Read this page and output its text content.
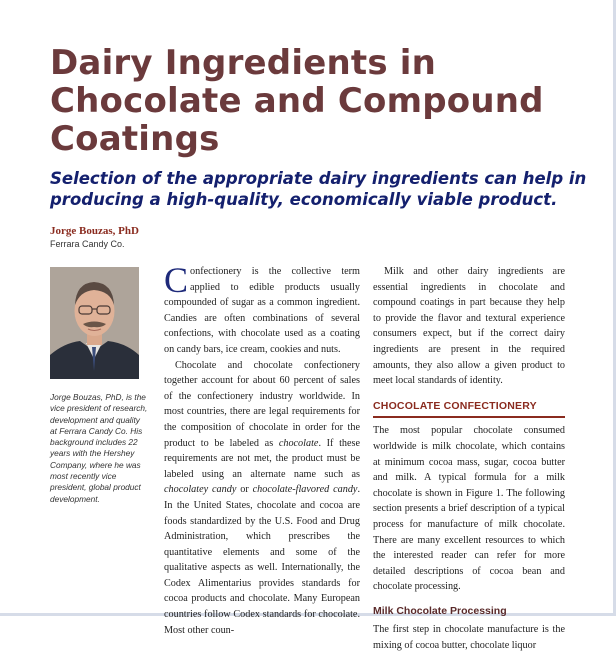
Dairy Ingredients in Chocolate and Compound Coatings
Selection of the appropriate dairy ingredients can help in producing a high-quality, economically viable product.
Jorge Bouzas, PhD
Ferrara Candy Co.
Jorge Bouzas, PhD, is the vice president of research, development and quality at Ferrara Candy Co. His background includes 22 years with the Hershey Company, where he was most recently vice president, global product development.

Confectionery is the collective term applied to edible products usually compounded of sugar as a common ingredient. Candies are often combinations of several confections, with chocolate used as a coating on candy bars, ice cream, cookies and nuts.

Chocolate and chocolate confectionery together account for about 60 percent of sales of the confectionery industry worldwide. In most countries, there are legal requirements for the composition of chocolate in order for the product to be labeled as chocolate. If these requirements are not met, the product must be labeled using an alternate name such as chocolatey candy or chocolate-flavored candy. In the United States, chocolate and cocoa are foods standardized by the U.S. Food and Drug Administration, which prescribes the quantitative elements and some of the qualitative aspects as well. Internationally, the Codex Alimentarius provides standards for cocoa products and chocolate. Many European countries follow Codex standards for chocolate. Most other coun-

Milk and other dairy ingredients are essential ingredients in chocolate and compound coatings in part because they help to provide the flavor and textural experience consumers expect, but if the correct dairy ingredients are present in the required amounts, they also allow a given product to meet local standards of identity.

CHOCOLATE CONFECTIONERY

The most popular chocolate consumed worldwide is milk chocolate, which contains at minimum cocoa mass, sugar, cocoa butter and milk. A typical formula for a milk chocolate is shown in Figure 1. The following section presents a brief description of a typical process for manufacture of milk chocolate. There are many excellent resources to which the interested reader can refer for more detailed descriptions of cocoa bean and chocolate processing.

Milk Chocolate Processing

The first step in chocolate manufacture is the mixing of cocoa butter, chocolate liquor
